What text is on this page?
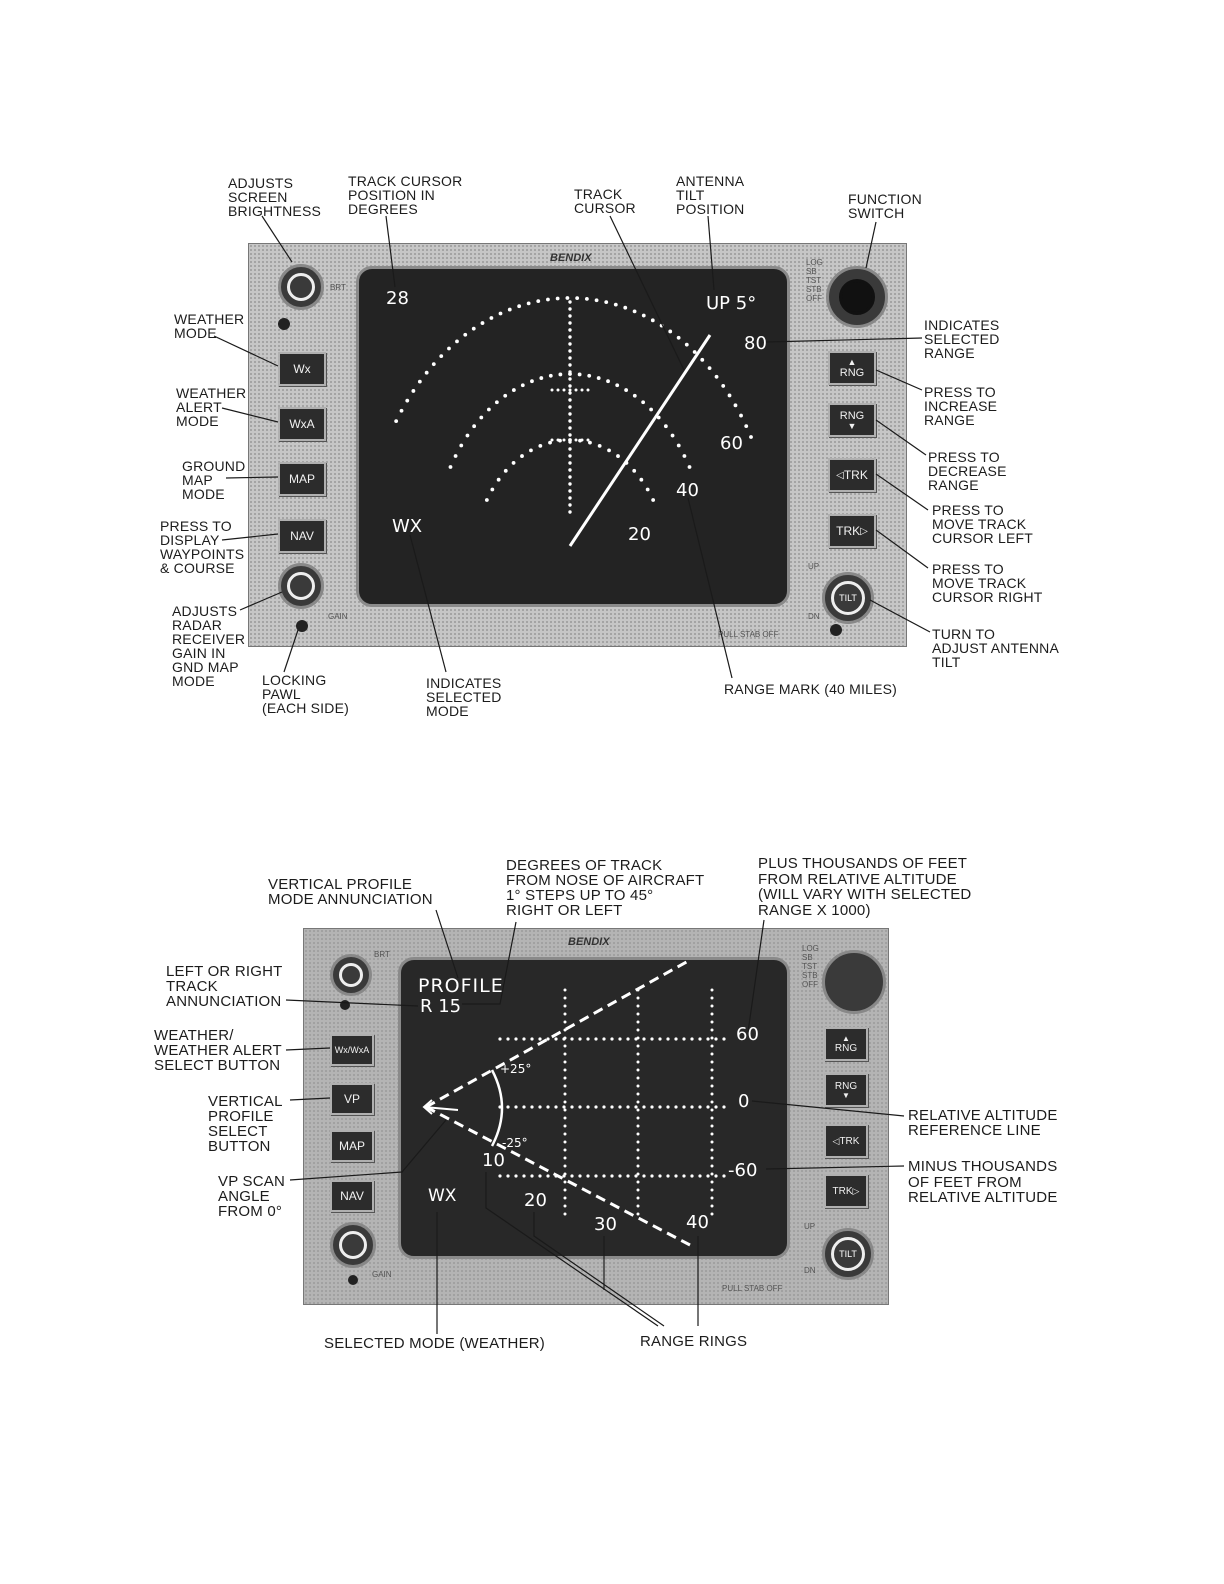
BENDIX
BRT
Wx
WxA
MAP
NAV
GAIN
LOG
SB
TST
STB
OFF
▲
RNG
RNG
▼
◁ TRK
TRK ▷
TILT
UP
DN
PULL STAB OFF
28	UP 5°
80
WX	20
40
60
ADJUSTS
SCREEN
BRIGHTNESS
TRACK CURSOR
POSITION IN
DEGREES
TRACK
CURSOR
ANTENNA
TILT
POSITION
FUNCTION
SWITCH
WEATHER
MODE
WEATHER
ALERT
MODE
GROUND
MAP
MODE
PRESS TO
DISPLAY
WAYPOINTS
& COURSE
ADJUSTS
RADAR
RECEIVER
GAIN IN
GND MAP
MODE	LOCKING
PAWL
(EACH SIDE)
INDICATES
SELECTED
MODE
RANGE MARK (40 MILES)
INDICATES
SELECTED
RANGE
PRESS TO
INCREASE
RANGE
PRESS TO
DECREASE
RANGE
PRESS TO
MOVE TRACK
CURSOR LEFT
PRESS TO
MOVE TRACK
CURSOR RIGHT
TURN TO
ADJUST ANTENNA
TILT
BENDIX
BRT
Wx/WxA
VP
MAP
NAV
GAIN
LOG
SB
TST
STB
OFF
▲
RNG
RNG
▼
◁ TRK
TRK ▷
TILT
UP
DN
PULL STAB OFF
PROFILE
R 15
+25°
-25°
60
0
-60
WX
10
20
30	40
VERTICAL PROFILE
MODE ANNUNCIATION
DEGREES OF TRACK
FROM NOSE OF AIRCRAFT
1° STEPS UP TO 45°
RIGHT OR LEFT
PLUS THOUSANDS OF FEET
FROM RELATIVE ALTITUDE
(WILL VARY WITH SELECTED
RANGE X 1000)
LEFT OR RIGHT
TRACK
ANNUNCIATION
WEATHER/
WEATHER ALERT
SELECT BUTTON
VERTICAL
PROFILE
SELECT
BUTTON
VP SCAN
ANGLE
FROM 0°
RELATIVE ALTITUDE
REFERENCE LINE
MINUS THOUSANDS
OF FEET FROM
RELATIVE ALTITUDE
SELECTED MODE (WEATHER)	RANGE RINGS
